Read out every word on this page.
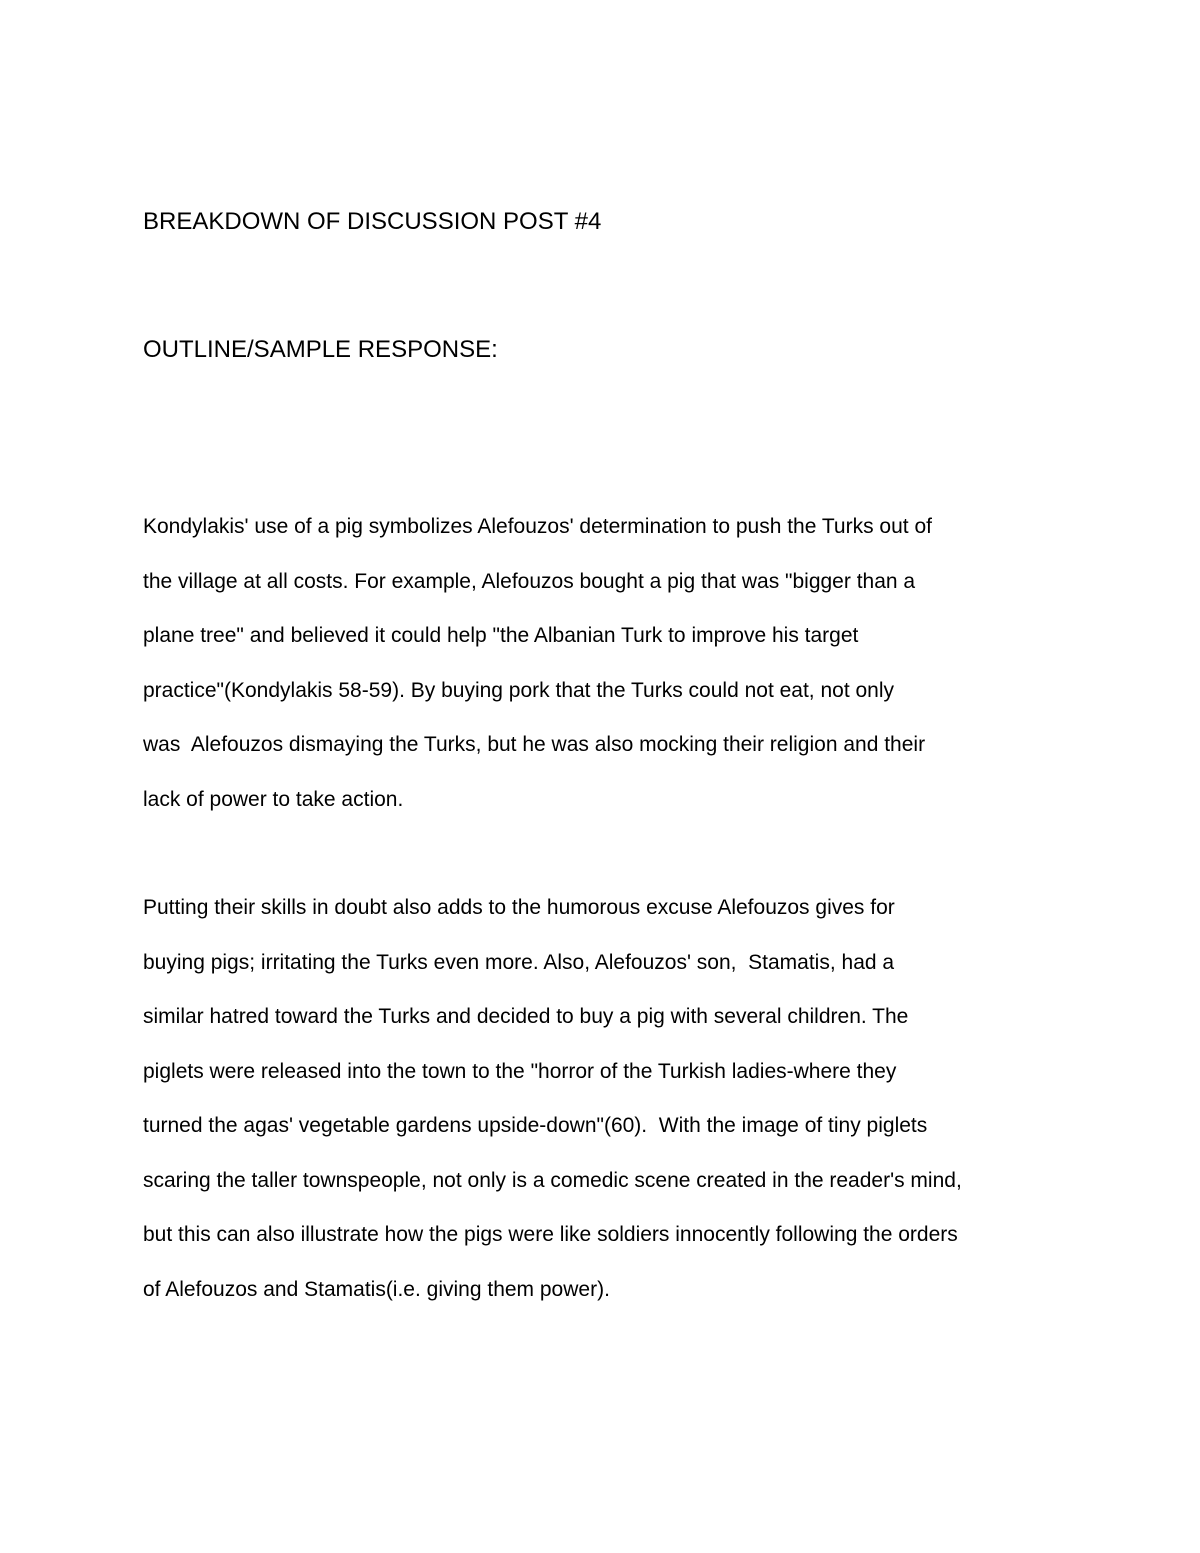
BREAKDOWN OF DISCUSSION POST #4
OUTLINE/SAMPLE RESPONSE:
Kondylakis' use of a pig symbolizes Alefouzos' determination to push the Turks out of
the village at all costs. For example, Alefouzos bought a pig that was "bigger than a
plane tree" and believed it could help "the Albanian Turk to improve his target
practice"(Kondylakis 58-59). By buying pork that the Turks could not eat, not only
was  Alefouzos dismaying the Turks, but he was also mocking their religion and their
lack of power to take action.
Putting their skills in doubt also adds to the humorous excuse Alefouzos gives for
buying pigs; irritating the Turks even more. Also, Alefouzos' son,  Stamatis, had a
similar hatred toward the Turks and decided to buy a pig with several children. The
piglets were released into the town to the "horror of the Turkish ladies-where they
turned the agas' vegetable gardens upside-down"(60).  With the image of tiny piglets
scaring the taller townspeople, not only is a comedic scene created in the reader's mind,
but this can also illustrate how the pigs were like soldiers innocently following the orders
of Alefouzos and Stamatis(i.e. giving them power).
